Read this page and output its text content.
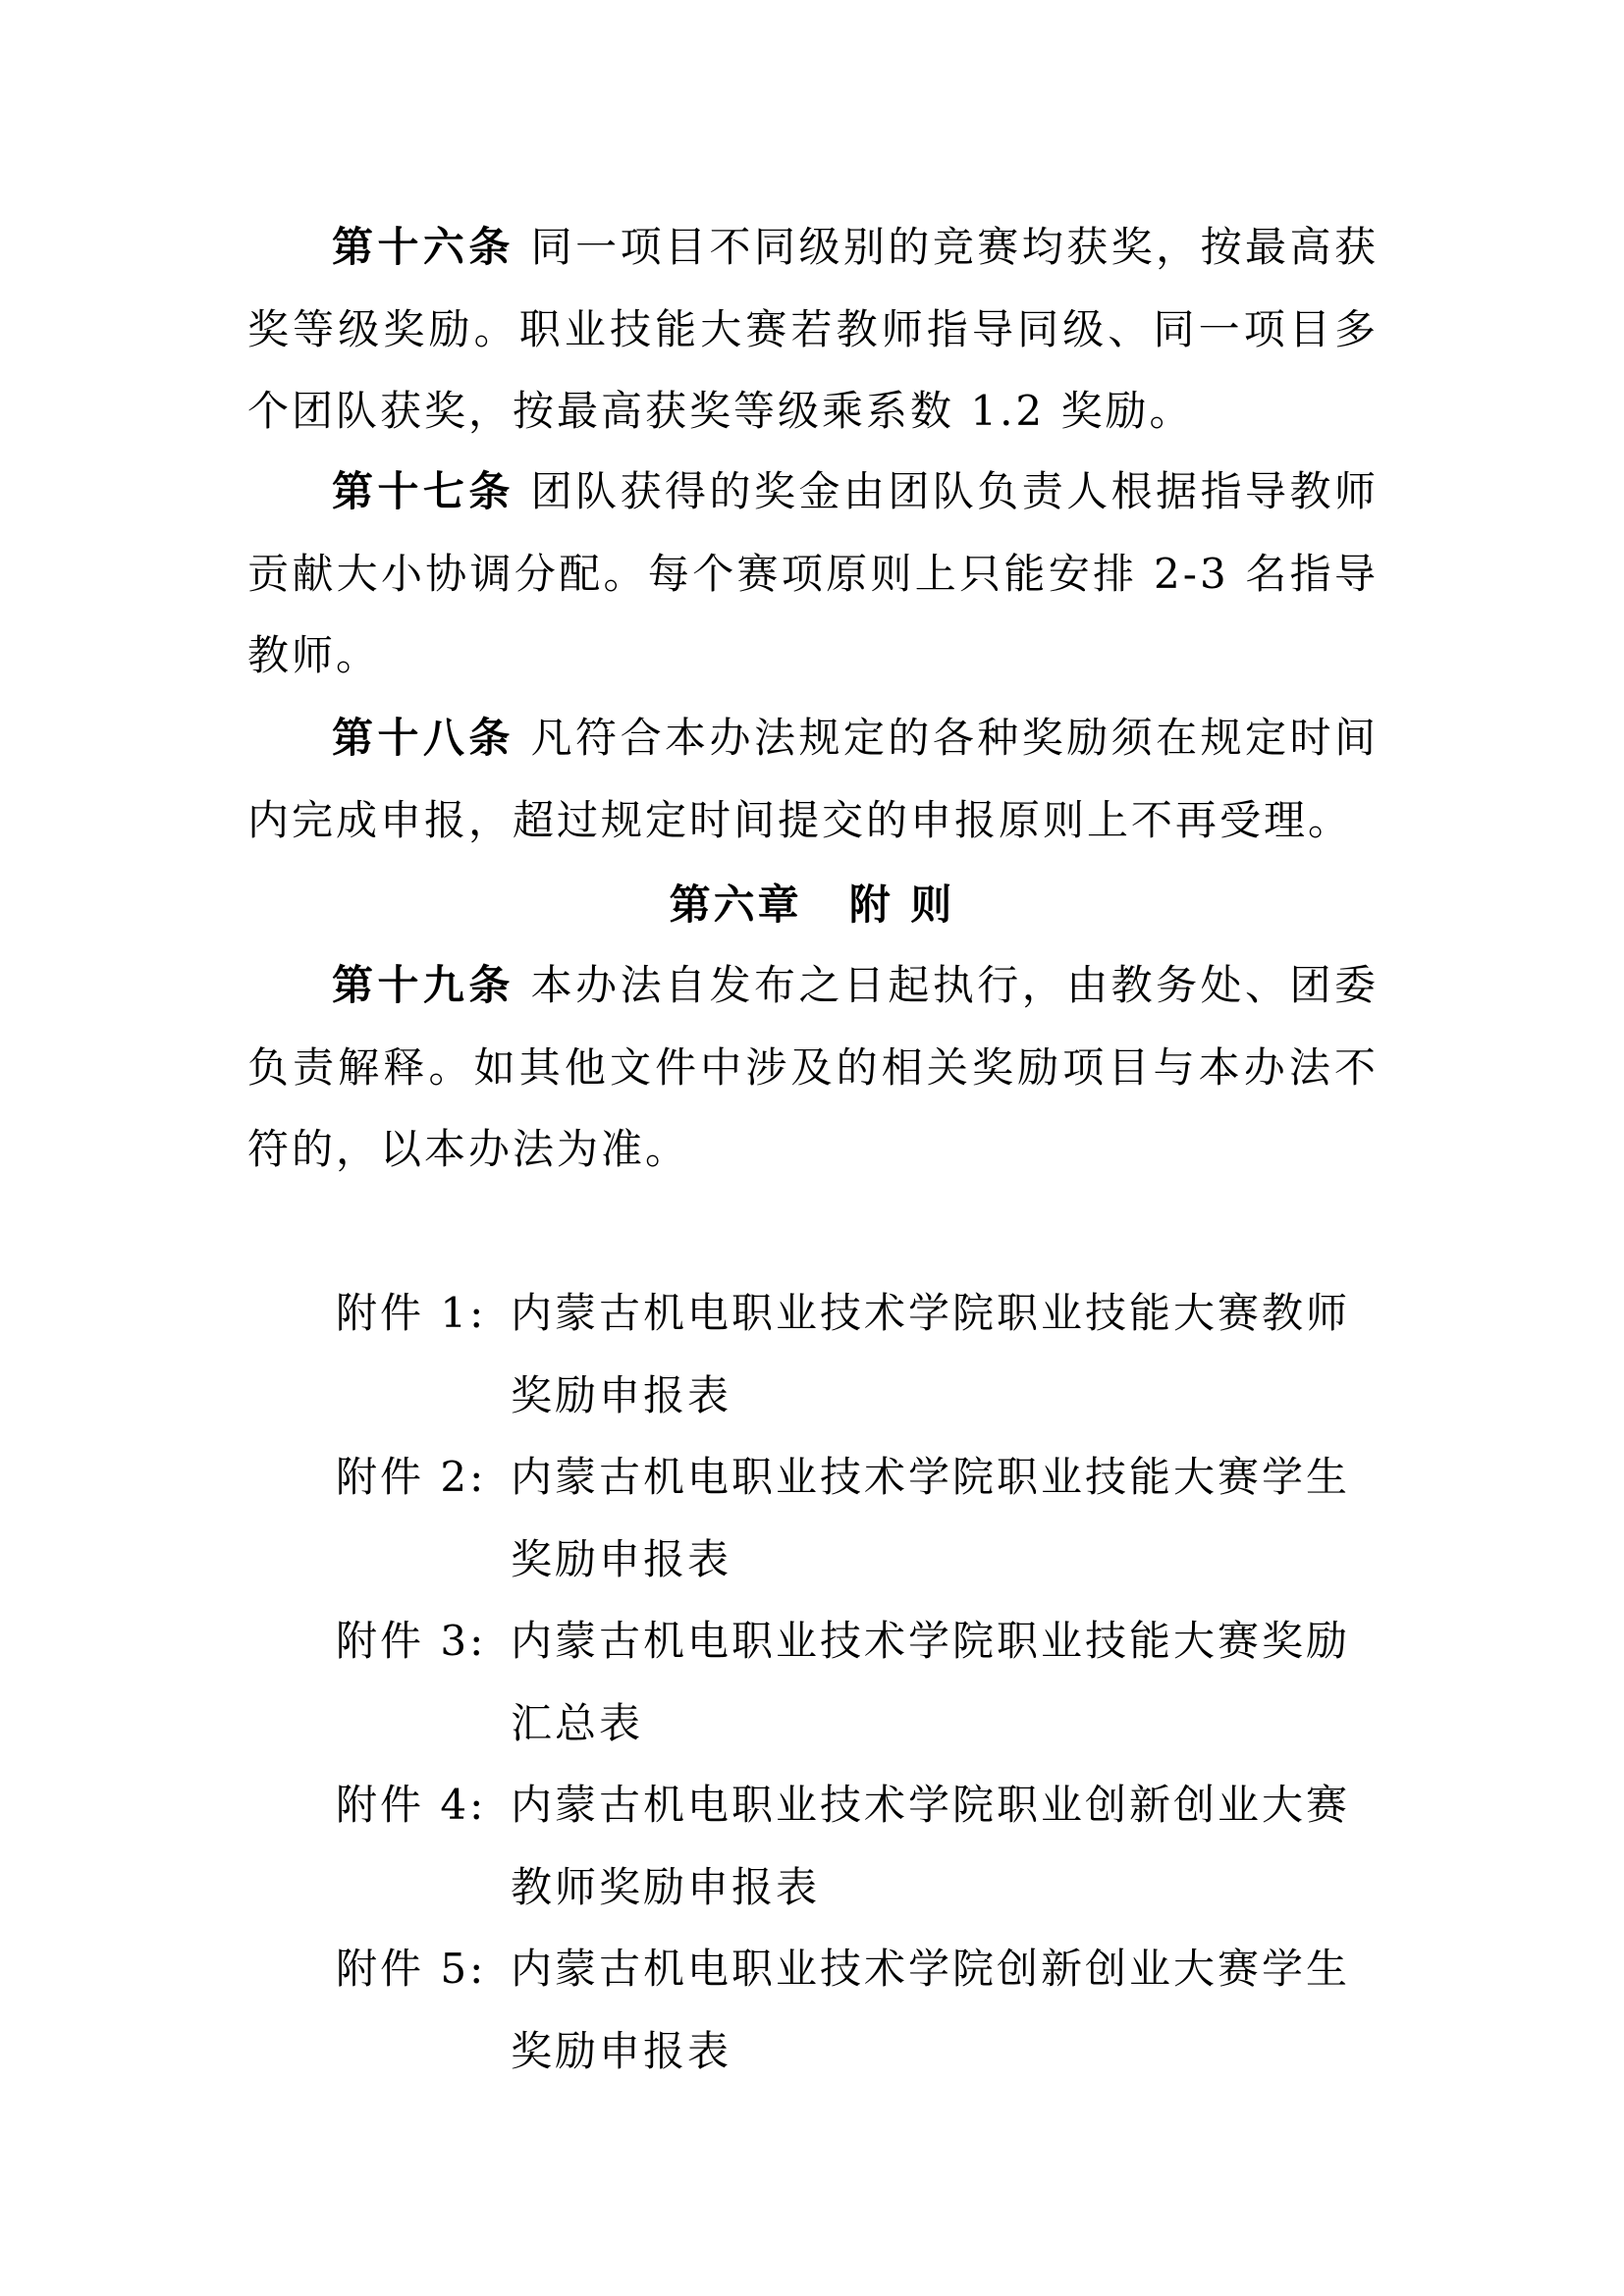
第十六条 同一项目不同级别的竞赛均获奖，按最高获奖等级奖励。职业技能大赛若教师指导同级、同一项目多个团队获奖，按最高获奖等级乘系数 1.2 奖励。

第十七条 团队获得的奖金由团队负责人根据指导教师贡献大小协调分配。每个赛项原则上只能安排 2-3 名指导教师。

第十八条 凡符合本办法规定的各种奖励须在规定时间内完成申报，超过规定时间提交的申报原则上不再受理。

第六章 附 则

第十九条 本办法自发布之日起执行，由教务处、团委负责解释。如其他文件中涉及的相关奖励项目与本办法不符的，以本办法为准。

附件 1: 内蒙古机电职业技术学院职业技能大赛教师奖励申报表
附件 2: 内蒙古机电职业技术学院职业技能大赛学生奖励申报表
附件 3: 内蒙古机电职业技术学院职业技能大赛奖励汇总表
附件 4: 内蒙古机电职业技术学院职业创新创业大赛教师奖励申报表
附件 5: 内蒙古机电职业技术学院创新创业大赛学生奖励申报表
